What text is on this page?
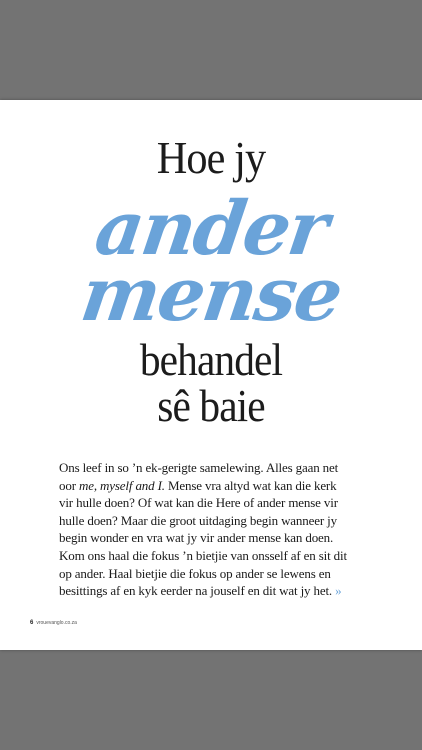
Hoe jy
ander
mense
behandel
sê baie
Ons leef in so ’n ek-gerigte samelewing. Alles gaan net
oor me, myself and I. Mense vra altyd wat kan die kerk
vir hulle doen? Of wat kan die Here of ander mense vir
hulle doen? Maar die groot uitdaging begin wanneer jy
begin wonder en vra wat jy vir ander mense kan doen.
Kom ons haal die fokus ’n bietjie van onsself af en sit dit
op ander. Haal bietjie die fokus op ander se lewens en
besittings af en kyk eerder na jouself en dit wat jy het. »
6 vrouevanglo.co.za
